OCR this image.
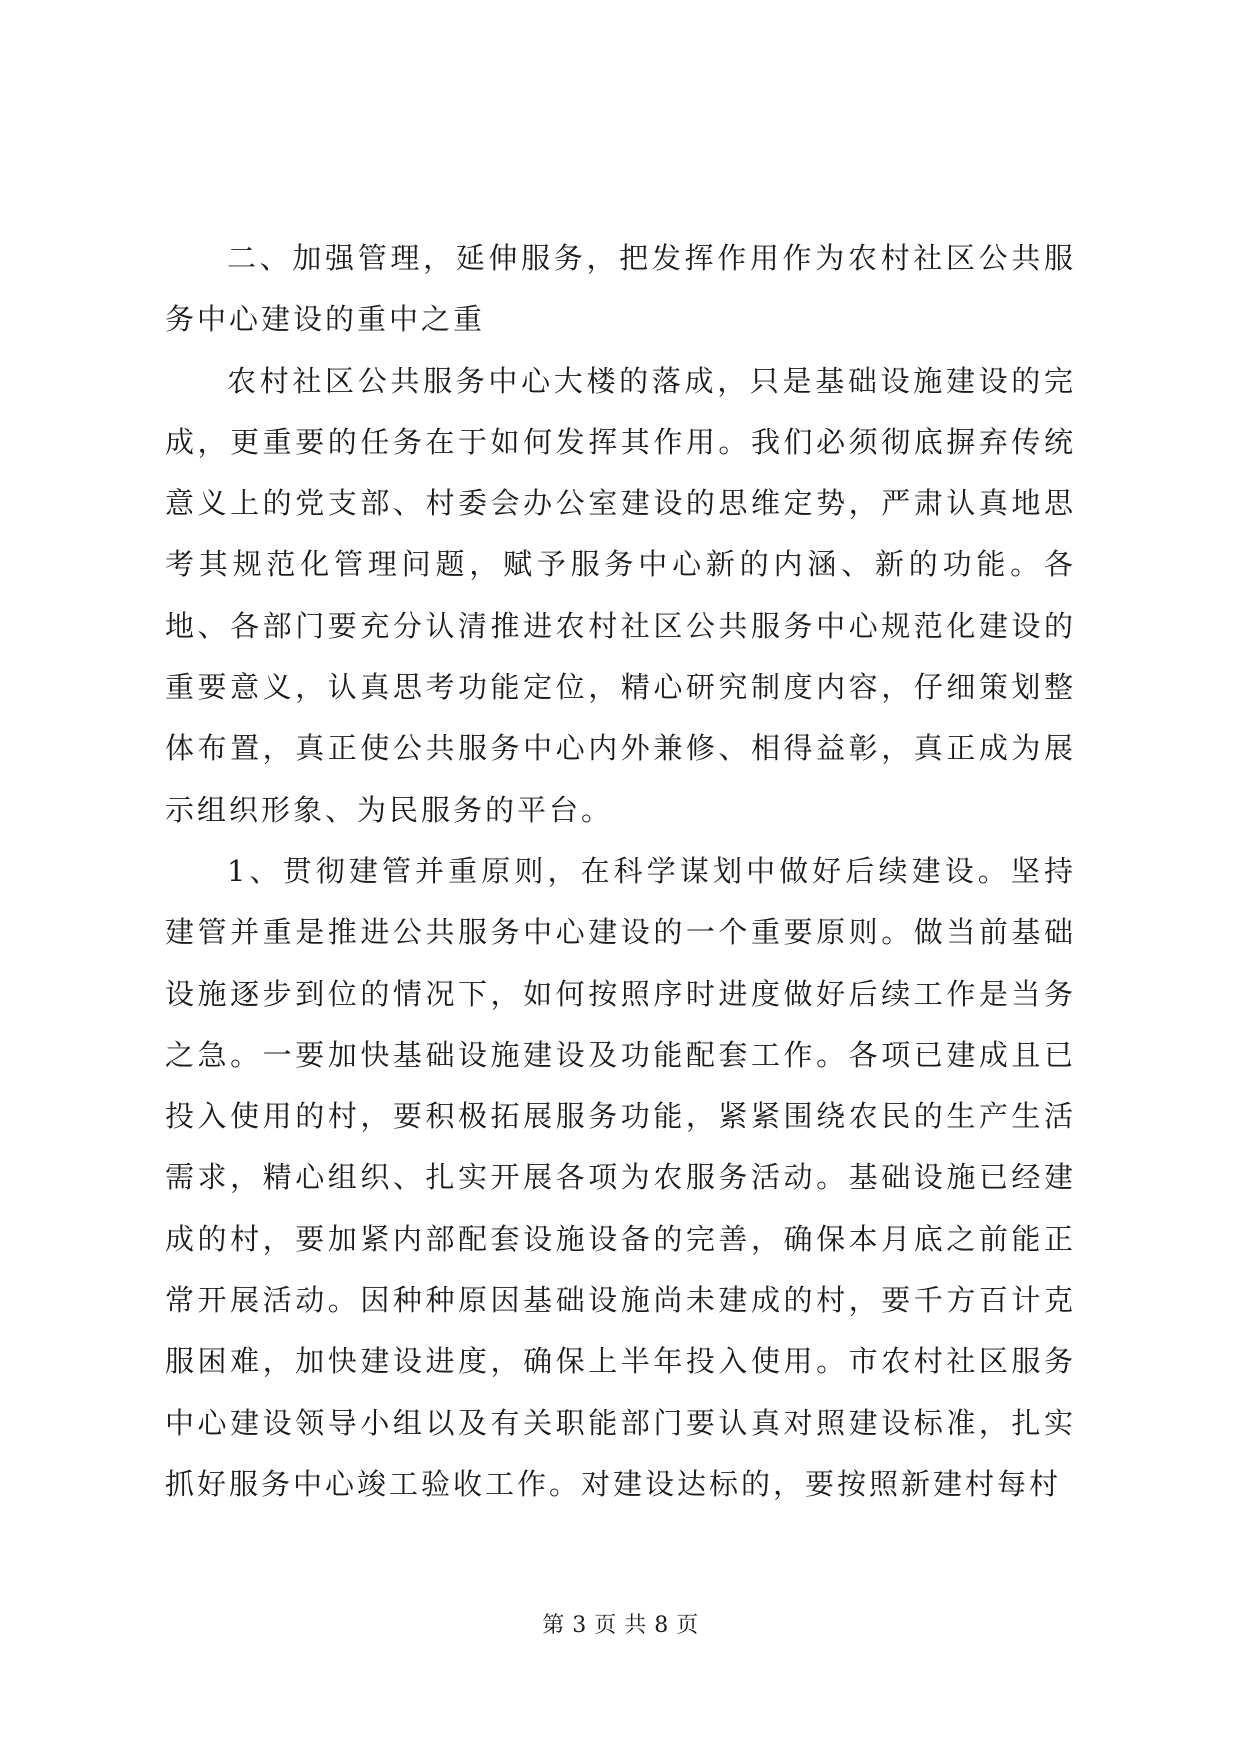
二、加强管理，延伸服务，把发挥作用作为农村社区公共服务中心建设的重中之重

农村社区公共服务中心大楼的落成，只是基础设施建设的完成，更重要的任务在于如何发挥其作用。我们必须彻底摒弃传统意义上的党支部、村委会办公室建设的思维定势，严肃认真地思考其规范化管理问题，赋予服务中心新的内涵、新的功能。各地、各部门要充分认清推进农村社区公共服务中心规范化建设的重要意义，认真思考功能定位，精心研究制度内容，仔细策划整体布置，真正使公共服务中心内外兼修、相得益彰，真正成为展示组织形象、为民服务的平台。

1、贯彻建管并重原则，在科学谋划中做好后续建设。坚持建管并重是推进公共服务中心建设的一个重要原则。做当前基础设施逐步到位的情况下，如何按照序时进度做好后续工作是当务之急。一要加快基础设施建设及功能配套工作。各项已建成且已投入使用的村，要积极拓展服务功能，紧紧围绕农民的生产生活需求，精心组织、扎实开展各项为农服务活动。基础设施已经建成的村，要加紧内部配套设施设备的完善，确保本月底之前能正常开展活动。因种种原因基础设施尚未建成的村，要千方百计克服困难，加快建设进度，确保上半年投入使用。市农村社区服务中心建设领导小组以及有关职能部门要认真对照建设标准，扎实抓好服务中心竣工验收工作。对建设达标的，要按照新建村每村

第 3 页 共 8 页
